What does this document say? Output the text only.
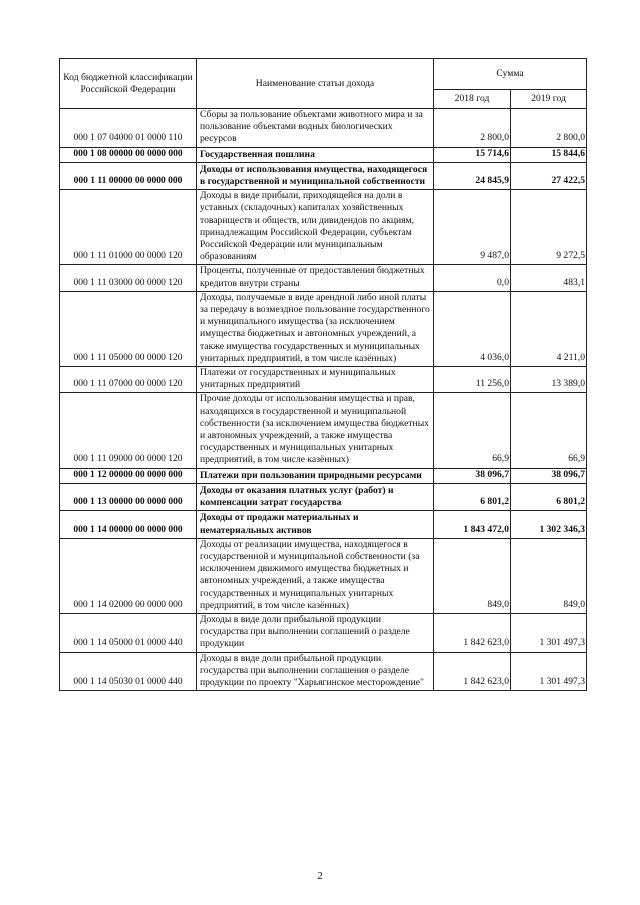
Код бюджетной классификации Российской Федерации	Наименование статьи дохода	Сумма	
		2018 год	2019 год
000 1 07 04000 01 0000 110	Сборы за пользование объектами животного мира и за пользование объектами водных биологических ресурсов	2 800,0	2 800,0
000 1 08 00000 00 0000 000	Государственная пошлина	15 714,6	15 844,6
000 1 11 00000 00 0000 000	Доходы от использования имущества, находящегося в государственной и муниципальной собственности	24 845,9	27 422,5
000 1 11 01000 00 0000 120	Доходы в виде прибыли, приходящейся на доли в уставных (складочных) капиталах хозяйственных товариществ и обществ, или дивидендов по акциям, принадлежащим Российской Федерации, субъектам Российской Федерации или муниципальным образованиям	9 487,0	9 272,5
000 1 11 03000 00 0000 120	Проценты, полученные от предоставления бюджетных кредитов внутри страны	0,0	483,1
000 1 11 05000 00 0000 120	Доходы, получаемые в виде арендной либо иной платы за передачу в возмездное пользование государственного и муниципального имущества (за исключением имущества бюджетных и автономных учреждений, а также имущества государственных и муниципальных унитарных предприятий, в том числе казённых)	4 036,0	4 211,0
000 1 11 07000 00 0000 120	Платежи от государственных и муниципальных унитарных предприятий	11 256,0	13 389,0
000 1 11 09000 00 0000 120	Прочие доходы от использования имущества и прав, находящихся в государственной и муниципальной собственности (за исключением имущества бюджетных и автономных учреждений, а также имущества государственных и муниципальных унитарных предприятий, в том числе казённых)	66,9	66,9
000 1 12 00000 00 0000 000	Платежи при пользовании природными ресурсами	38 096,7	38 096,7
000 1 13 00000 00 0000 000	Доходы от оказания платных услуг (работ) и компенсации затрат государства	6 801,2	6 801,2
000 1 14 00000 00 0000 000	Доходы от продажи материальных и нематериальных активов	1 843 472,0	1 302 346,3
000 1 14 02000 00 0000 000	Доходы от реализации имущества, находящегося в государственной и муниципальной собственности (за исключением движимого имущества бюджетных и автономных учреждений, а также имущества государственных и муниципальных унитарных предприятий, в том числе казённых)	849,0	849,0
000 1 14 05000 01 0000 440	Доходы в виде доли прибыльной продукции государства при выполнении соглашений о разделе продукции	1 842 623,0	1 301 497,3
000 1 14 05030 01 0000 440	Доходы в виде доли прибыльной продукции государства при выполнении соглашения о разделе продукции по проекту "Харьягинское месторождение"	1 842 623,0	1 301 497,3
2
